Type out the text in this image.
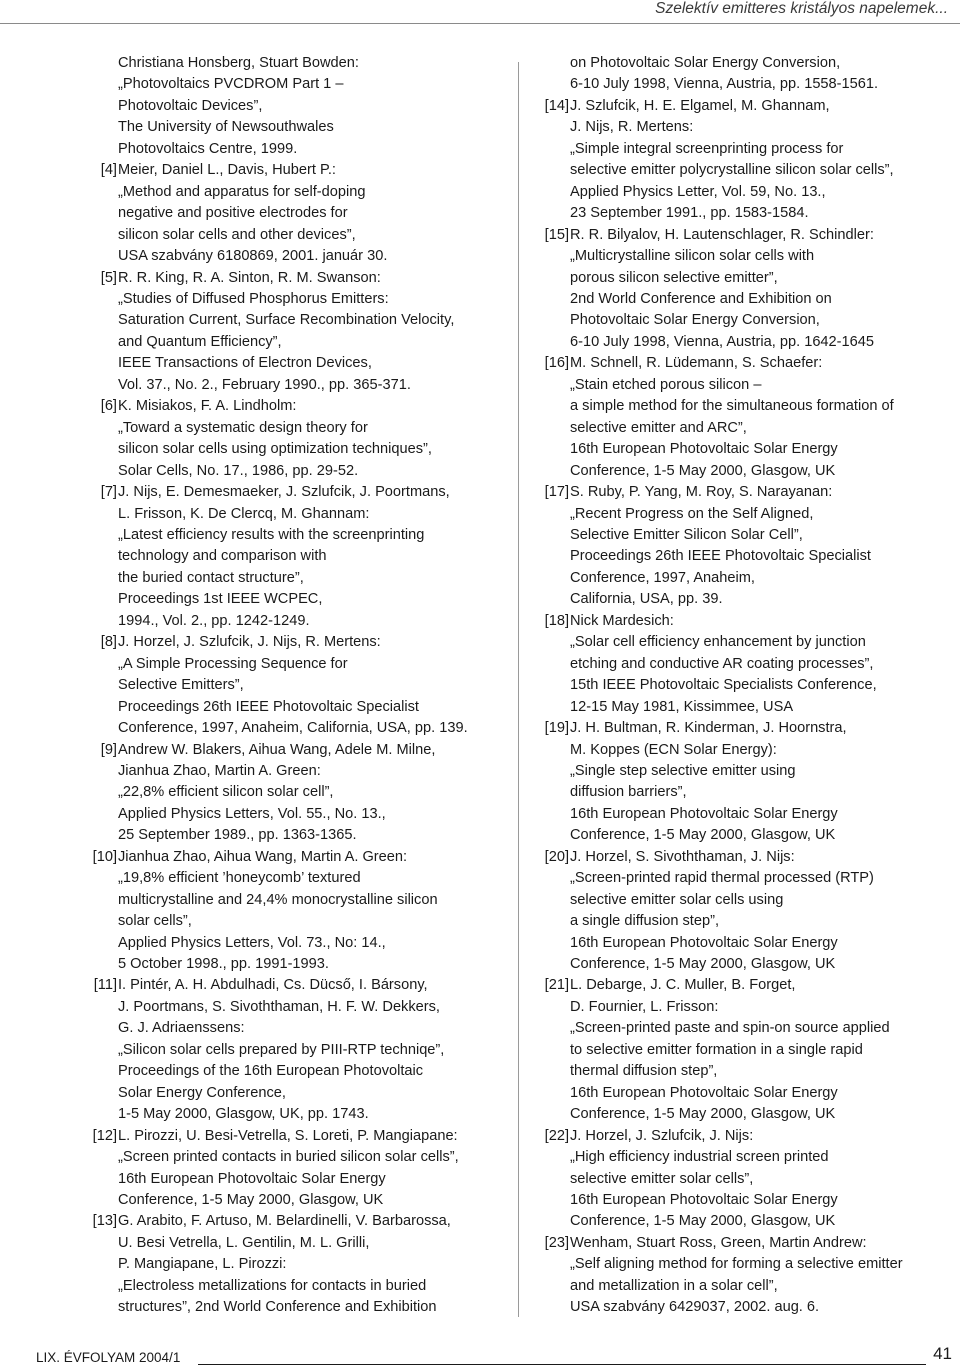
Szelektív emitteres kristályos napelemek...
Christiana Honsberg, Stuart Bowden:
„Photovoltaics PVCDROM Part 1 –
Photovoltaic Devices”,
The University of Newsouthwales
Photovoltaics Centre, 1999.
[4] Meier, Daniel L., Davis, Hubert P.:
„Method and apparatus for self-doping
negative and positive electrodes for
silicon solar cells and other devices”,
USA szabvány 6180869, 2001. január 30.
[5] R. R. King, R. A. Sinton, R. M. Swanson:
„Studies of Diffused Phosphorus Emitters:
Saturation Current, Surface Recombination Velocity,
and Quantum Efficiency”,
IEEE Transactions of Electron Devices,
Vol. 37., No. 2., February 1990., pp. 365-371.
[6] K. Misiakos, F. A. Lindholm:
„Toward a systematic design theory for
silicon solar cells using optimization techniques”,
Solar Cells, No. 17., 1986, pp. 29-52.
[7] J. Nijs, E. Demesmaeker, J. Szlufcik, J. Poortmans,
L. Frisson, K. De Clercq, M. Ghannam:
„Latest efficiency results with the screenprinting
technology and comparison with
the buried contact structure”,
Proceedings 1st IEEE WCPEC,
1994., Vol. 2., pp. 1242-1249.
[8] J. Horzel, J. Szlufcik, J. Nijs, R. Mertens:
„A Simple Processing Sequence for
Selective Emitters”,
Proceedings 26th IEEE Photovoltaic Specialist
Conference, 1997, Anaheim, California, USA, pp. 139.
[9] Andrew W. Blakers, Aihua Wang, Adele M. Milne,
Jianhua Zhao, Martin A. Green:
„22,8% efficient silicon solar cell”,
Applied Physics Letters, Vol. 55., No. 13.,
25 September 1989., pp. 1363-1365.
[10] Jianhua Zhao, Aihua Wang, Martin A. Green:
„19,8% efficient ’honeycomb’ textured
multicrystalline and 24,4% monocrystalline silicon
solar cells”,
Applied Physics Letters, Vol. 73., No: 14.,
5 October 1998., pp. 1991-1993.
[11] I. Pintér, A. H. Abdulhadi, Cs. Dücső, I. Bársony,
J. Poortmans, S. Sivoththaman, H. F. W. Dekkers,
G. J. Adriaenssens:
„Silicon solar cells prepared by PIII-RTP techniqe”,
Proceedings of the 16th European Photovoltaic
Solar Energy Conference,
1-5 May 2000, Glasgow, UK, pp. 1743.
[12] L. Pirozzi, U. Besi-Vetrella, S. Loreti, P. Mangiapane:
„Screen printed contacts in buried silicon solar cells”,
16th European Photovoltaic Solar Energy
Conference, 1-5 May 2000, Glasgow, UK
[13] G. Arabito, F. Artuso, M. Belardinelli, V. Barbarossa,
U. Besi Vetrella, L. Gentilin, M. L. Grilli,
P. Mangiapane, L. Pirozzi:
„Electroless metallizations for contacts in buried
structures”, 2nd World Conference and Exhibition
on Photovoltaic Solar Energy Conversion,
6-10 July 1998, Vienna, Austria, pp. 1558-1561.
[14] J. Szlufcik, H. E. Elgamel, M. Ghannam,
J. Nijs, R. Mertens:
„Simple integral screenprinting process for
selective emitter polycrystalline silicon solar cells”,
Applied Physics Letter, Vol. 59, No. 13.,
23 September 1991., pp. 1583-1584.
[15] R. R. Bilyalov, H. Lautenschlager, R. Schindler:
„Multicrystalline silicon solar cells with
porous silicon selective emitter”,
2nd World Conference and Exhibition on
Photovoltaic Solar Energy Conversion,
6-10 July 1998, Vienna, Austria, pp. 1642-1645
[16] M. Schnell, R. Lüdemann, S. Schaefer:
„Stain etched porous silicon –
a simple method for the simultaneous formation of
selective emitter and ARC”,
16th European Photovoltaic Solar Energy
Conference, 1-5 May 2000, Glasgow, UK
[17] S. Ruby, P. Yang, M. Roy, S. Narayanan:
„Recent Progress on the Self Aligned,
Selective Emitter Silicon Solar Cell”,
Proceedings 26th IEEE Photovoltaic Specialist
Conference, 1997, Anaheim,
California, USA, pp. 39.
[18] Nick Mardesich:
„Solar cell efficiency enhancement by junction
etching and conductive AR coating processes”,
15th IEEE Photovoltaic Specialists Conference,
12-15 May 1981, Kissimmee, USA
[19] J. H. Bultman, R. Kinderman, J. Hoornstra,
M. Koppes (ECN Solar Energy):
„Single step selective emitter using
diffusion barriers”,
16th European Photovoltaic Solar Energy
Conference, 1-5 May 2000, Glasgow, UK
[20] J. Horzel, S. Sivoththaman, J. Nijs:
„Screen-printed rapid thermal processed (RTP)
selective emitter solar cells using
a single diffusion step”,
16th European Photovoltaic Solar Energy
Conference, 1-5 May 2000, Glasgow, UK
[21] L. Debarge, J. C. Muller, B. Forget,
D. Fournier, L. Frisson:
„Screen-printed paste and spin-on source applied
to selective emitter formation in a single rapid
thermal diffusion step”,
16th European Photovoltaic Solar Energy
Conference, 1-5 May 2000, Glasgow, UK
[22] J. Horzel, J. Szlufcik, J. Nijs:
„High efficiency industrial screen printed
selective emitter solar cells”,
16th European Photovoltaic Solar Energy
Conference, 1-5 May 2000, Glasgow, UK
[23] Wenham, Stuart Ross, Green, Martin Andrew:
„Self aligning method for forming a selective emitter
and metallization in a solar cell”,
USA szabvány 6429037, 2002. aug. 6.
LIX. ÉVFOLYAM 2004/1	41
